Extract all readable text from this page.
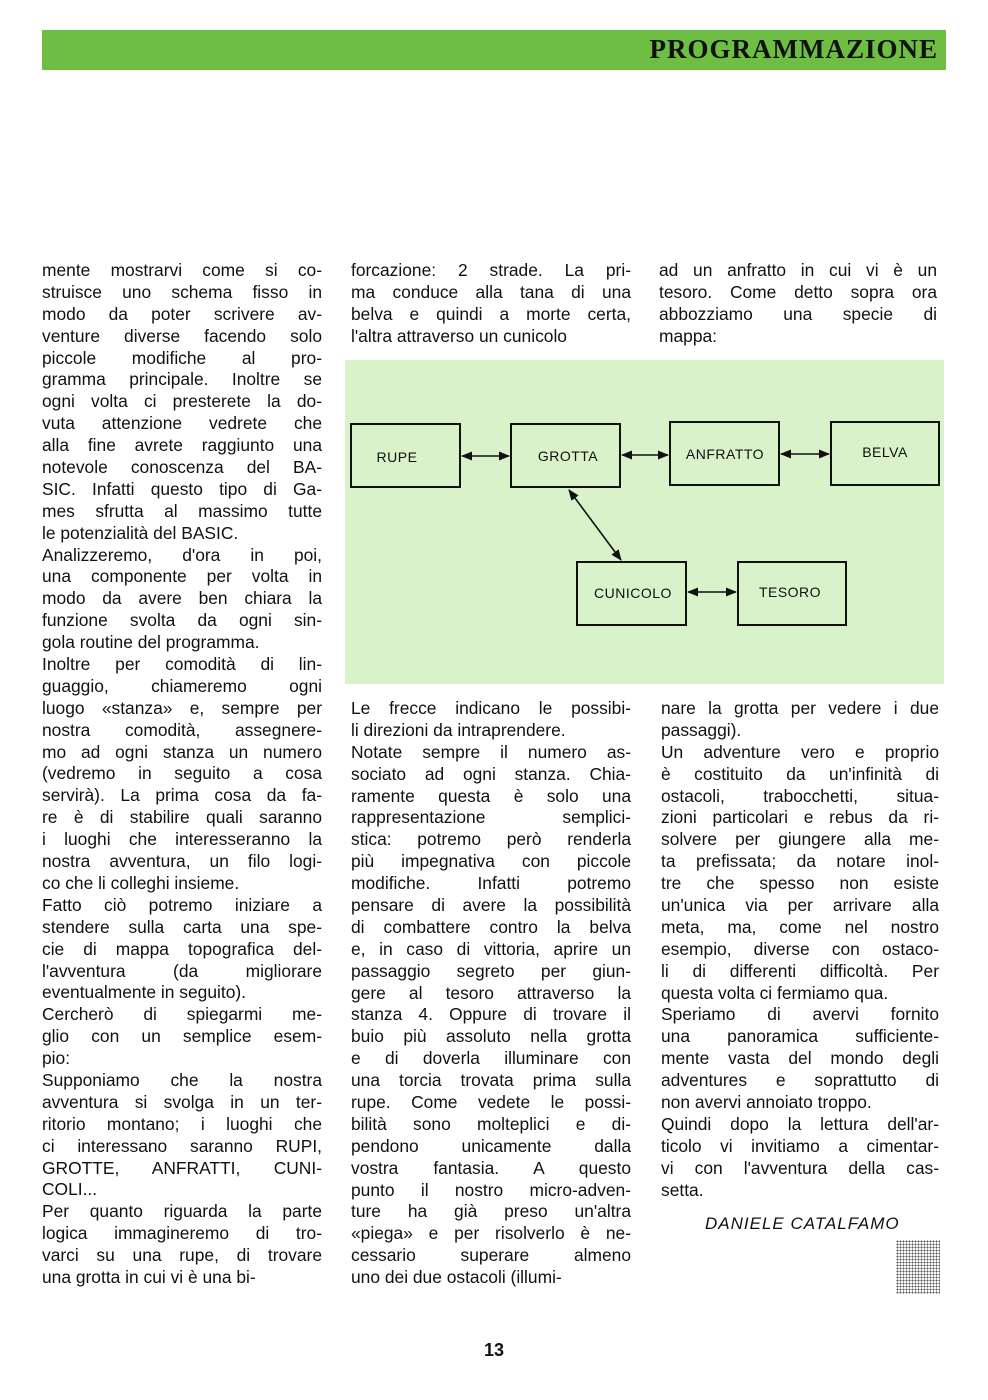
PROGRAMMAZIONE
mente mostrarvi come si co-
struisce uno schema fisso in
modo da poter scrivere av-
venture diverse facendo solo
piccole modifiche al pro-
gramma principale. Inoltre se
ogni volta ci presterete la do-
vuta attenzione vedrete che
alla fine avrete raggiunto una
notevole conoscenza del BA-
SIC. Infatti questo tipo di Ga-
mes sfrutta al massimo tutte
le potenzialità del BASIC.
Analizzeremo, d'ora in poi,
una componente per volta in
modo da avere ben chiara la
funzione svolta da ogni sin-
gola routine del programma.
Inoltre per comodità di lin-
guaggio, chiameremo ogni
luogo «stanza» e, sempre per
nostra comodità, assegnere-
mo ad ogni stanza un numero
(vedremo in seguito a cosa
servirà). La prima cosa da fa-
re è di stabilire quali saranno
i luoghi che interesseranno la
nostra avventura, un filo logi-
co che li colleghi insieme.
Fatto ciò potremo iniziare a
stendere sulla carta una spe-
cie di mappa topografica del-
l'avventura (da migliorare
eventualmente in seguito).
Cercherò di spiegarmi me-
glio con un semplice esem-
pio:
Supponiamo che la nostra
avventura si svolga in un ter-
ritorio montano; i luoghi che
ci interessano saranno RUPI,
GROTTE, ANFRATTI, CUNI-
COLI...
Per quanto riguarda la parte
logica immagineremo di tro-
varci su una rupe, di trovare
una grotta in cui vi è una bi-
forcazione: 2 strade. La pri-
ma conduce alla tana di una
belva e quindi a morte certa,
l'altra attraverso un cunicolo
ad un anfratto in cui vi è un
tesoro. Come detto sopra ora
abbozziamo una specie di
mappa:
RUPE	GROTTA	ANFRATTO	BELVA
CUNICOLO	TESORO
Le frecce indicano le possibi-
li direzioni da intraprendere.
Notate sempre il numero as-
sociato ad ogni stanza. Chia-
ramente questa è solo una
rappresentazione semplici-
stica: potremo però renderla
più impegnativa con piccole
modifiche. Infatti potremo
pensare di avere la possibilità
di combattere contro la belva
e, in caso di vittoria, aprire un
passaggio segreto per giun-
gere al tesoro attraverso la
stanza 4. Oppure di trovare il
buio più assoluto nella grotta
e di doverla illuminare con
una torcia trovata prima sulla
rupe. Come vedete le possi-
bilità sono molteplici e di-
pendono unicamente dalla
vostra fantasia. A questo
punto il nostro micro-adven-
ture ha già preso un'altra
«piega» e per risolverlo è ne-
cessario superare almeno
uno dei due ostacoli (illumi-
nare la grotta per vedere i due
passaggi).
Un adventure vero e proprio
è costituito da un'infinità di
ostacoli, trabocchetti, situa-
zioni particolari e rebus da ri-
solvere per giungere alla me-
ta prefissata; da notare inol-
tre che spesso non esiste
un'unica via per arrivare alla
meta, ma, come nel nostro
esempio, diverse con ostaco-
li di differenti difficoltà. Per
questa volta ci fermiamo qua.
Speriamo di avervi fornito
una panoramica sufficiente-
mente vasta del mondo degli
adventures e soprattutto di
non avervi annoiato troppo.
Quindi dopo la lettura dell'ar-
ticolo vi invitiamo a cimentar-
vi con l'avventura della cas-
setta.
DANIELE CATALFAMO
13
